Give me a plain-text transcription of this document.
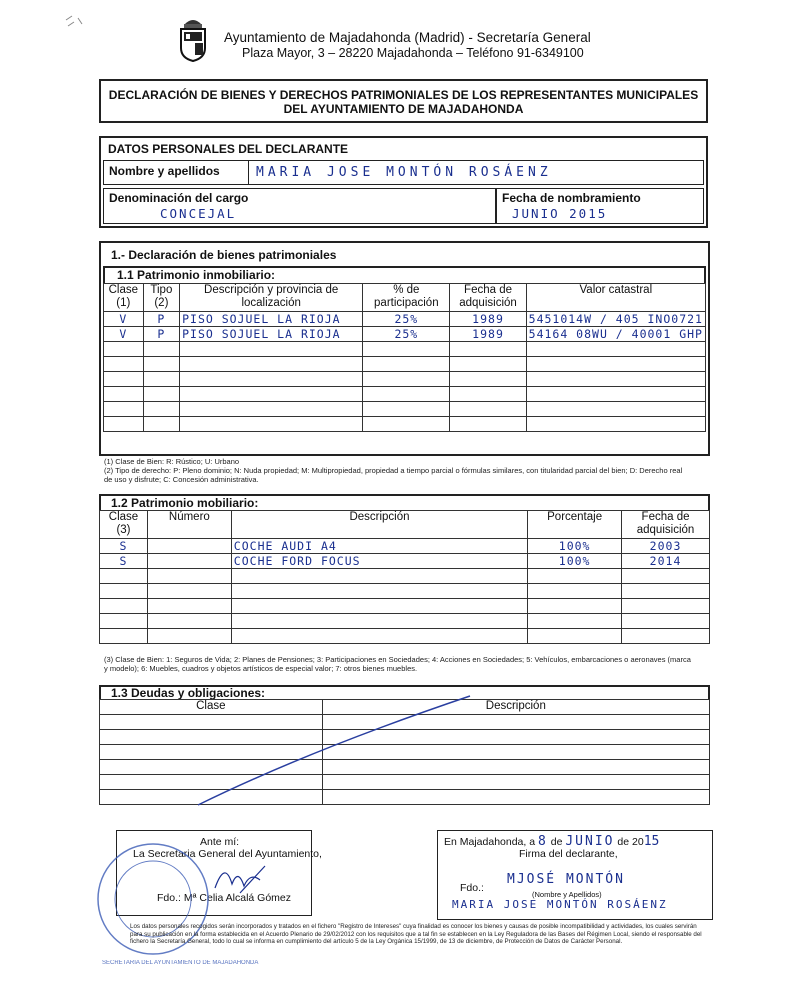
Ayuntamiento de Majadahonda (Madrid) - Secretaría General
Plaza Mayor, 3 – 28220 Majadahonda – Teléfono 91-6349100
DECLARACIÓN DE BIENES Y DERECHOS PATRIMONIALES DE LOS REPRESENTANTES MUNICIPALES
DEL AYUNTAMIENTO DE MAJADAHONDA
DATOS PERSONALES DEL DECLARANTE
Nombre y apellidos	MARIA JOSE MONTÓN ROSÁENZ
Denominación del cargo
CONCEJAL
Fecha de nombramiento
JUNIO 2015
1.- Declaración de bienes patrimoniales
1.1 Patrimonio inmobiliario:
Clase (1)	Tipo (2)	Descripción y provincia de localización	% de participación	Fecha de adquisición	Valor catastral
V	P	PISO SOJUEL LA RIOJA	25%	1989	5451014W / 405 INO0721
V	P	PISO SOJUEL LA RIOJA	25%	1989	54164 08WU / 40001 GHP

(1) Clase de Bien: R: Rústico; U: Urbano
(2) Tipo de derecho: P: Pleno dominio; N: Nuda propiedad; M: Multipropiedad, propiedad a tiempo parcial o fórmulas similares, con titularidad parcial del bien; D: Derecho real de uso y disfrute; C: Concesión administrativa.
1.2 Patrimonio mobiliario:
Clase (3)	Número	Descripción	Porcentaje	Fecha de adquisición
S		COCHE AUDI A4	100%	2003
S		COCHE FORD FOCUS	100%	2014

(3) Clase de Bien: 1: Seguros de Vida; 2: Planes de Pensiones; 3: Participaciones en Sociedades; 4: Acciones en Sociedades; 5: Vehículos, embarcaciones o aeronaves (marca y modelo); 6: Muebles, cuadros y objetos artísticos de especial valor; 7: otros bienes muebles.
1.3 Deudas y obligaciones:
Clase	Descripción

Ante mí:
La Secretaria General del Ayuntamiento,
Fdo.: Mª Celia Alcalá Gómez
SECRETARIA DEL AYUNTAMIENTO DE MAJADAHONDA
En Majadahonda, a 8 de JUNIO de 2015
Firma del declarante,
Fdo.:
MJOSÉ MONTÓN
(Nombre y Apellidos)
MARIA JOSE MONTÓN ROSÁENZ
Los datos personales recogidos serán incorporados y tratados en el fichero "Registro de Intereses" cuya finalidad es conocer los bienes y causas de posible incompatibilidad y actividades, los cuales servirán para su publicación en la forma establecida en el Acuerdo Plenario de 29/02/2012 con los requisitos que a tal fin se establecen en la Ley Reguladora de las Bases del Régimen Local, siendo el responsable del fichero la Secretaría General, todo lo cual se informa en cumplimiento del artículo 5 de la Ley Orgánica 15/1999, de 13 de diciembre, de Protección de Datos de Carácter Personal.
